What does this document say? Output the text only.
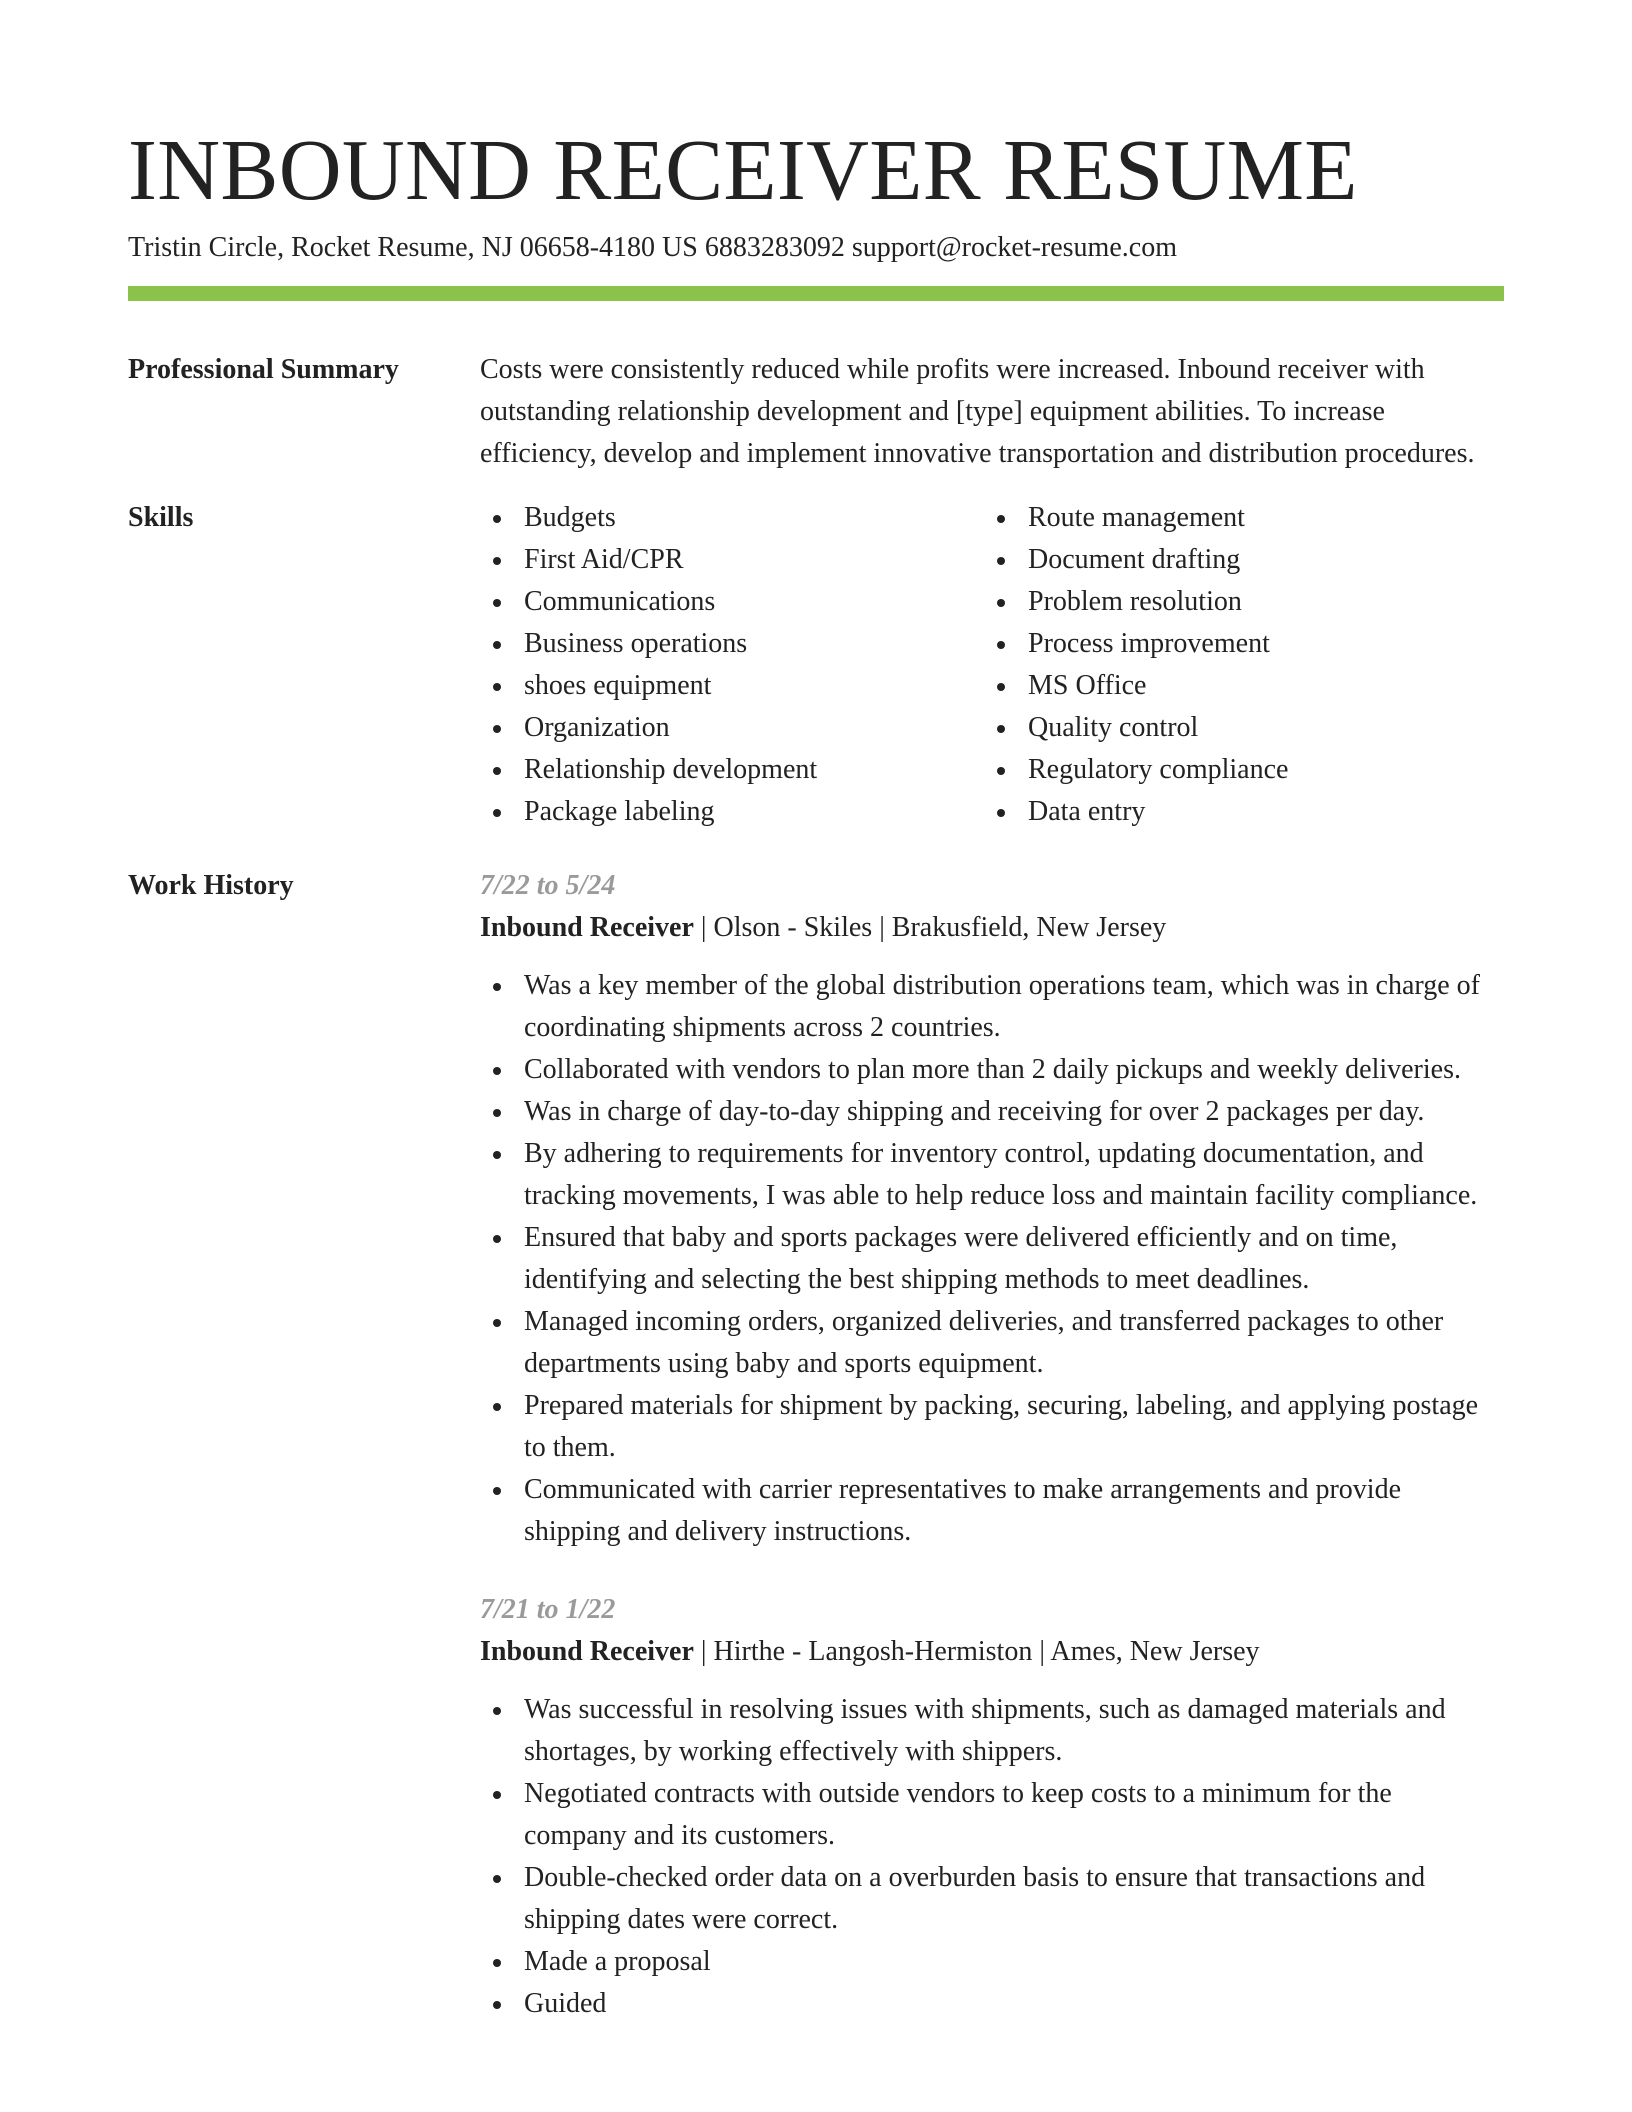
INBOUND RECEIVER RESUME
Tristin Circle, Rocket Resume, NJ 06658-4180 US 6883283092 support@rocket-resume.com
Professional Summary	Costs were consistently reduced while profits were increased. Inbound receiver with outstanding relationship development and [type] equipment abilities. To increase efficiency, develop and implement innovative transportation and distribution procedures.

Skills	Budgets
First Aid/CPR
Communications
Business operations
shoes equipment
Organization
Relationship development
Package labeling
Route management
Document drafting
Problem resolution
Process improvement
MS Office
Quality control
Regulatory compliance
Data entry
Work History	7/22 to 5/24
Inbound Receiver | Olson - Skiles | Brakusfield, New Jersey
Was a key member of the global distribution operations team, which was in charge of coordinating shipments across 2 countries.
Collaborated with vendors to plan more than 2 daily pickups and weekly deliveries.
Was in charge of day-to-day shipping and receiving for over 2 packages per day.
By adhering to requirements for inventory control, updating documentation, and tracking movements, I was able to help reduce loss and maintain facility compliance.
Ensured that baby and sports packages were delivered efficiently and on time, identifying and selecting the best shipping methods to meet deadlines.
Managed incoming orders, organized deliveries, and transferred packages to other departments using baby and sports equipment.
Prepared materials for shipment by packing, securing, labeling, and applying postage to them.
Communicated with carrier representatives to make arrangements and provide shipping and delivery instructions.
7/21 to 1/22
Inbound Receiver | Hirthe - Langosh-Hermiston | Ames, New Jersey
Was successful in resolving issues with shipments, such as damaged materials and shortages, by working effectively with shippers.
Negotiated contracts with outside vendors to keep costs to a minimum for the company and its customers.
Double-checked order data on a overburden basis to ensure that transactions and shipping dates were correct.
Made a proposal
Guided
